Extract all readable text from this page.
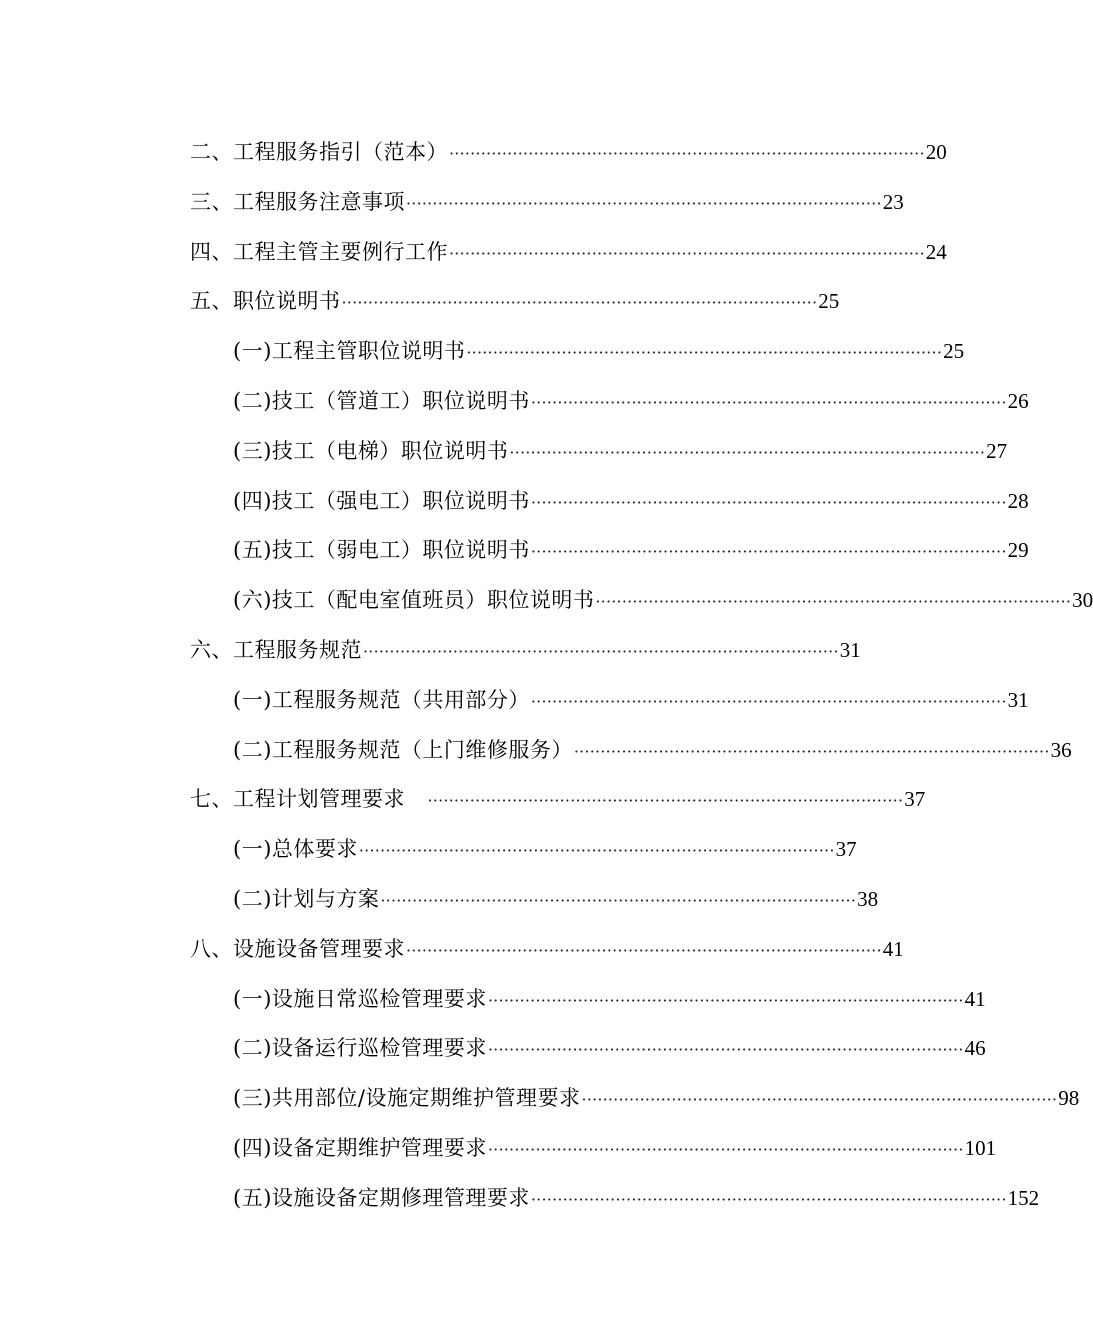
二、工程服务指引（范本） ·························································································· 20
三、工程服务注意事项 ·························································································· 23
四、工程主管主要例行工作 ·························································································· 24
五、职位说明书 ·························································································· 25
(一)工程主管职位说明书 ·························································································· 25
(二)技工（管道工）职位说明书 ·························································································· 26
(三)技工（电梯）职位说明书 ·························································································· 27
(四)技工（强电工）职位说明书 ·························································································· 28
(五)技工（弱电工）职位说明书 ·························································································· 29
(六)技工（配电室值班员）职位说明书 ·························································································· 30
六、工程服务规范 ·························································································· 31
(一)工程服务规范（共用部分） ·························································································· 31
(二)工程服务规范（上门维修服务） ·························································································· 36
七、工程计划管理要求　 ·························································································· 37
(一)总体要求 ·························································································· 37
(二)计划与方案 ·························································································· 38
八、设施设备管理要求 ·························································································· 41
(一)设施日常巡检管理要求 ·························································································· 41
(二)设备运行巡检管理要求 ·························································································· 46
(三)共用部位/设施定期维护管理要求 ·························································································· 98
(四)设备定期维护管理要求 ·························································································· 101
(五)设施设备定期修理管理要求 ·························································································· 152
